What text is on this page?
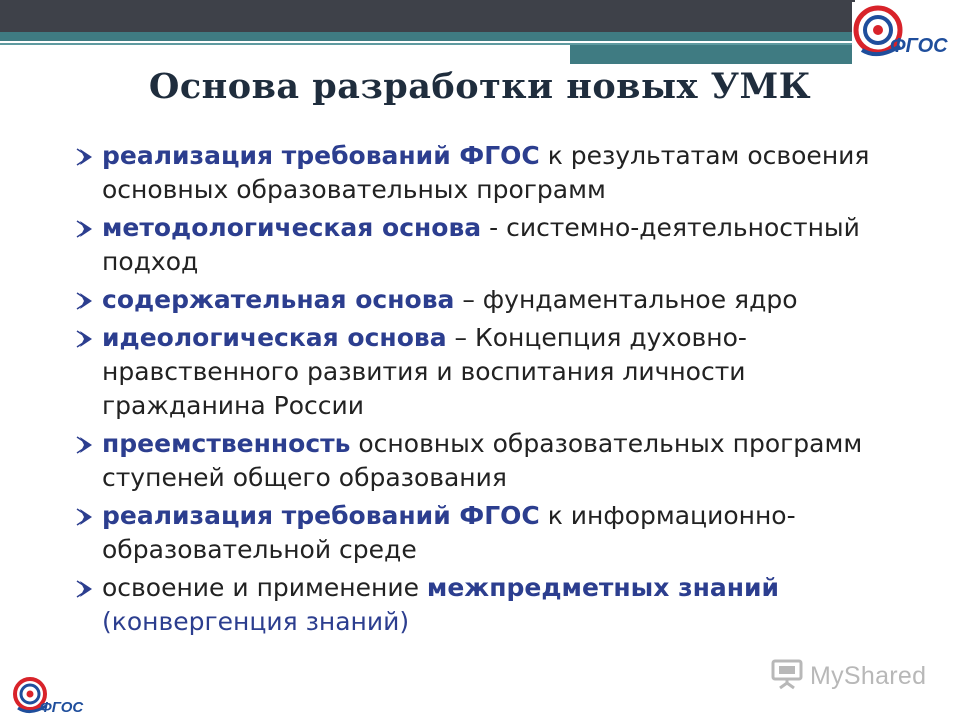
ФГОС
Основа разработки новых УМК
реализация требований ФГОС к результатам освоения основных образовательных программ
методологическая основа - системно-деятельностный подход
содержательная основа – фундаментальное ядро
идеологическая основа – Концепция духовно-нравственного развития и воспитания личности гражданина России
преемственность основных образовательных программ ступеней общего образования
реализация требований ФГОС к информационно-образовательной среде
освоение и применение межпредметных знаний
(конвергенция знаний)
ФГОС
MyShared
